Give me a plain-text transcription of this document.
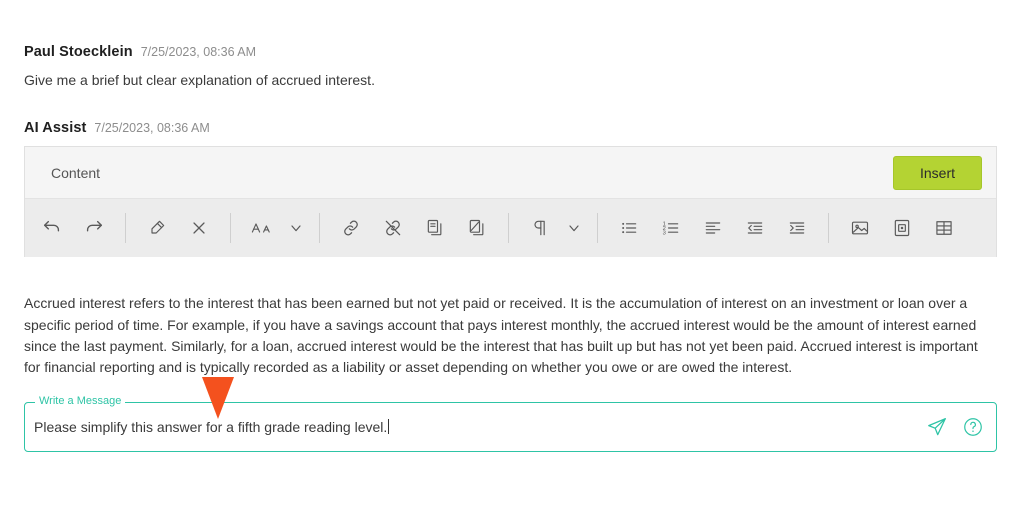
Paul Stoecklein 7/25/2023, 08:36 AM

Give me a brief but clear explanation of accrued interest.

AI Assist 7/25/2023, 08:36 AM
Content	Insert
1
2
3

Accrued interest refers to the interest that has been earned but not yet paid or received. It is the accumulation of interest on an investment or loan over a specific period of time. For example, if you have a savings account that pays interest monthly, the accrued interest would be the amount of interest earned since the last payment. Similarly, for a loan, accrued interest would be the interest that has built up but has not yet been paid. Accrued interest is important for financial reporting and is typically recorded as a liability or asset depending on whether you owe or are owed the interest.

Write a Message
Please simplify this answer for a fifth grade reading level.
